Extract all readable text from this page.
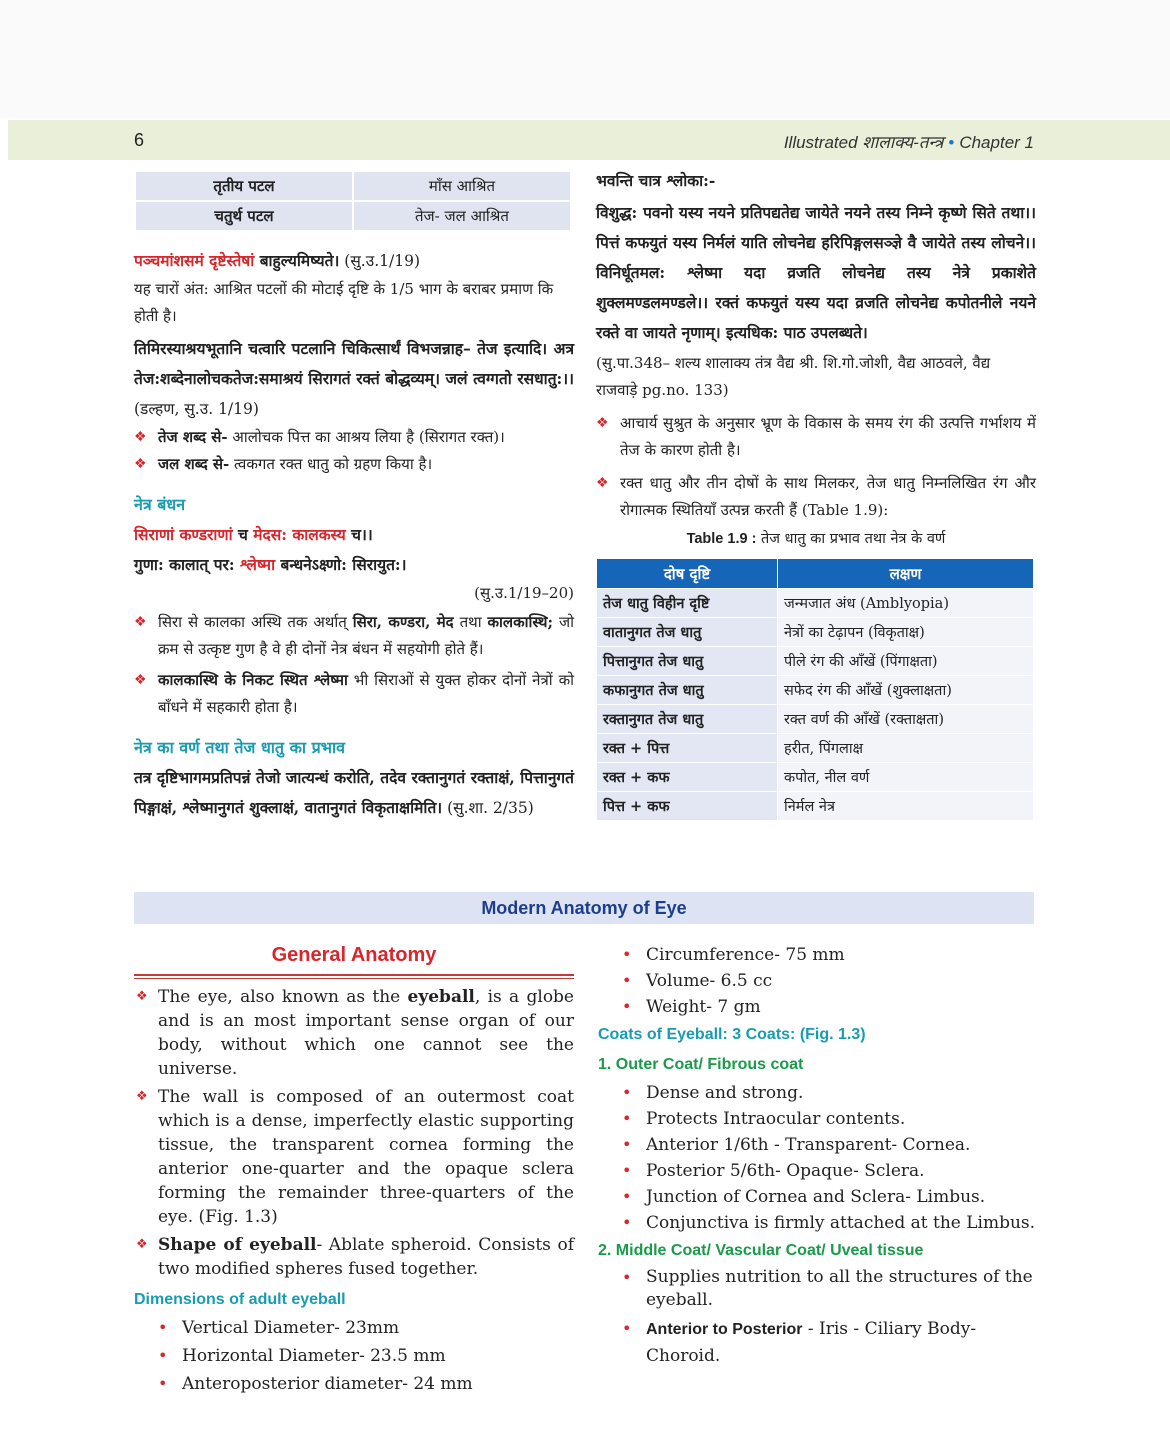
6	Illustrated शालाक्य-तन्त्र • Chapter 1
तृतीय पटल	माँस आश्रित
चतुर्थ पटल	तेज- जल आश्रित

पञ्चमांशसमं दृष्टेस्तेषां बाहुल्यमिष्यते। (सु.उ.1/19)

यह चारों अंत: आश्रित पटलों की मोटाई दृष्टि के 1/5 भाग के बराबर प्रमाण कि होती है।

तिमिरस्याश्रयभूतानि चत्वारि पटलानि चिकित्सार्थं विभजन्नाह– तेज इत्यादि। अत्र तेज:शब्देनालोचकतेज:समाश्रयं सिरागतं रक्तं बोद्धव्यम्। जलं त्वग्गतो रसधातु:।। (डल्हण, सु.उ. 1/19)

❖ तेज शब्द से- आलोचक पित्त का आश्रय लिया है (सिरागत रक्त)।
❖ जल शब्द से- त्वकगत रक्त धातु को ग्रहण किया है।

नेत्र बंधन

सिराणां कण्डराणां च मेदस: कालकस्य च।।

गुणा: कालात् पर: श्लेष्मा बन्धनेऽक्ष्णो: सिरायुत:।

(सु.उ.1/19–20)

❖ सिरा से कालका अस्थि तक अर्थात् सिरा, कण्डरा, मेद तथा कालकास्थि; जो क्रम से उत्कृष्ट गुण है वे ही दोनों नेत्र बंधन में सहयोगी होते हैं।
❖ कालकास्थि के निकट स्थित श्लेष्मा भी सिराओं से युक्त होकर दोनों नेत्रों को बाँधने में सहकारी होता है।

नेत्र का वर्ण तथा तेज धातु का प्रभाव

तत्र दृष्टिभागमप्रतिपन्नं तेजो जात्यन्धं करोति, तदेव रक्तानुगतं रक्ताक्षं, पित्तानुगतं पिङ्गाक्षं, श्लेष्मानुगतं शुक्लाक्षं, वातानुगतं विकृताक्षमिति। (सु.शा. 2/35)

भवन्ति चात्र श्लोका:-

विशुद्ध: पवनो यस्य नयने प्रतिपद्यतेद्य जायेते नयने तस्य निम्ने कृष्णे सिते तथा।। पित्तं कफयुतं यस्य निर्मलं याति लोचनेद्य हरिपिङ्गलसञ्ज्ञे वै जायेते तस्य लोचने।। विनिर्धूतमल: श्लेष्मा यदा व्रजति लोचनेद्य तस्य नेत्रे प्रकाशेते शुक्लमण्डलमण्डले।। रक्तं कफयुतं यस्य यदा व्रजति लोचनेद्य कपोतनीले नयने रक्ते वा जायते नृणाम्। इत्यधिक: पाठ उपलब्धते।

(सु.पा.348– शल्य शालाक्य तंत्र वैद्य श्री. शि.गो.जोशी, वैद्य आठवले, वैद्य राजवाड़े pg.no. 133)

❖ आचार्य सुश्रुत के अनुसार भ्रूण के विकास के समय रंग की उत्पत्ति गर्भाशय में तेज के कारण होती है।
❖ रक्त धातु और तीन दोषों के साथ मिलकर, तेज धातु निम्नलिखित रंग और रोगात्मक स्थितियाँ उत्पन्न करती हैं (Table 1.9):

Table 1.9 : तेज धातु का प्रभाव तथा नेत्र के वर्ण

दोष दृष्टि	लक्षण
तेज धातु विहीन दृष्टि	जन्मजात अंध (Amblyopia)
वातानुगत तेज धातु	नेत्रों का टेढ़ापन (विकृताक्ष)
पित्तानुगत तेज धातु	पीले रंग की आँखें (पिंगाक्षता)
कफानुगत तेज धातु	सफेद रंग की आँखें (शुक्लाक्षता)
रक्तानुगत तेज धातु	रक्त वर्ण की आँखें (रक्ताक्षता)
रक्त + पित्त	हरीत, पिंगलाक्ष
रक्त + कफ	कपोत, नील वर्ण
पित्त + कफ	निर्मल नेत्र
Modern Anatomy of Eye

General Anatomy

❖ The eye, also known as the eyeball, is a globe and is an most important sense organ of our body, without which one cannot see the universe.
❖ The wall is composed of an outermost coat which is a dense, imperfectly elastic supporting tissue, the transparent cornea forming the anterior one-quarter and the opaque sclera forming the remainder three-quarters of the eye. (Fig. 1.3)
❖ Shape of eyeball- Ablate spheroid. Consists of two modified spheres fused together.

Dimensions of adult eyeball

• Vertical Diameter- 23mm
• Horizontal Diameter- 23.5 mm
• Anteroposterior diameter- 24 mm
• Circumference- 75 mm
• Volume- 6.5 cc
• Weight- 7 gm

Coats of Eyeball: 3 Coats: (Fig. 1.3)

1. Outer Coat/ Fibrous coat

• Dense and strong.
• Protects Intraocular contents.
• Anterior 1/6th - Transparent- Cornea.
• Posterior 5/6th- Opaque- Sclera.
• Junction of Cornea and Sclera- Limbus.
• Conjunctiva is firmly attached at the Limbus.

2. Middle Coat/ Vascular Coat/ Uveal tissue

• Supplies nutrition to all the structures of the eyeball.
• Anterior to Posterior - Iris - Ciliary Body-Choroid.
